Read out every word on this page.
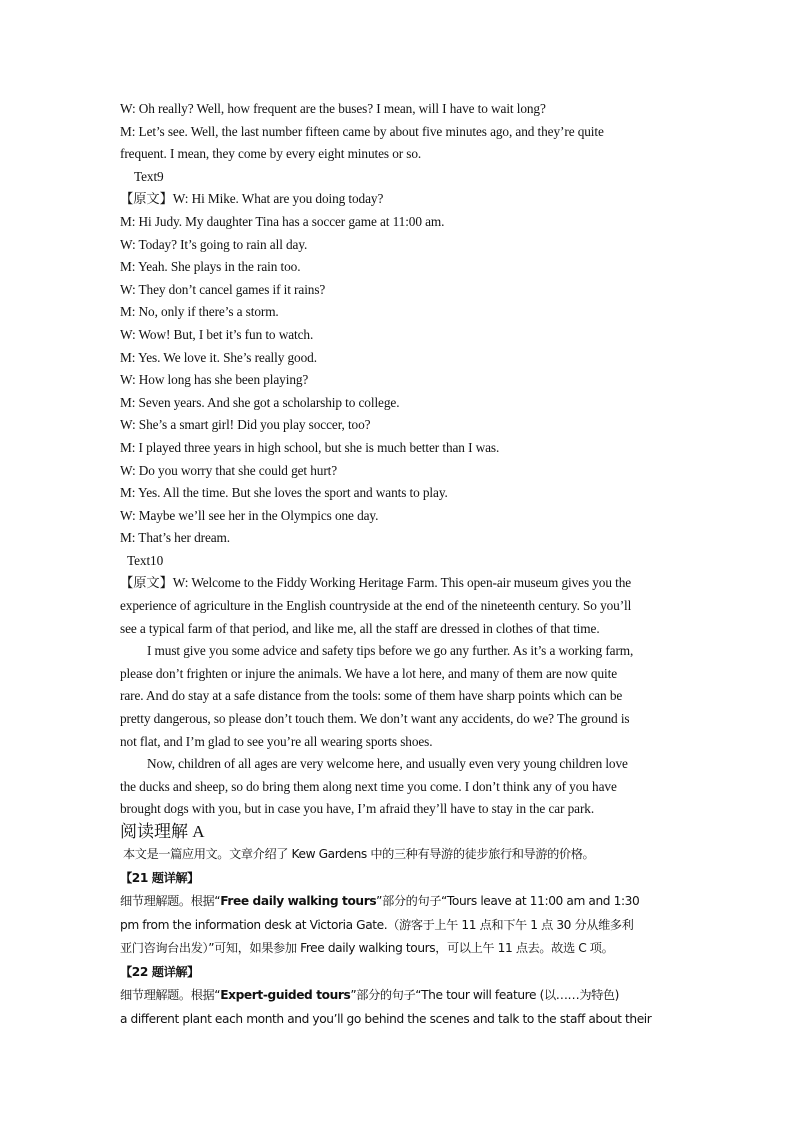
W: Oh really? Well, how frequent are the buses? I mean, will I have to wait long?

M: Let’s see. Well, the last number fifteen came by about five minutes ago, and they’re quite

frequent. I mean, they come by every eight minutes or so.

Text9

【原文】W: Hi Mike. What are you doing today?

M: Hi Judy. My daughter Tina has a soccer game at 11:00 am.

W: Today? It’s going to rain all day.

M: Yeah. She plays in the rain too.

W: They don’t cancel games if it rains?

M: No, only if there’s a storm.

W: Wow! But, I bet it’s fun to watch.

M: Yes. We love it. She’s really good.

W: How long has she been playing?

M: Seven years. And she got a scholarship to college.

W: She’s a smart girl! Did you play soccer, too?

M: I played three years in high school, but she is much better than I was.

W: Do you worry that she could get hurt?

M: Yes. All the time. But she loves the sport and wants to play.

W: Maybe we’ll see her in the Olympics one day.

M: That’s her dream.

Text10

【原文】W: Welcome to the Fiddy Working Heritage Farm. This open-air museum gives you the

experience of agriculture in the English countryside at the end of the nineteenth century. So you’ll

see a typical farm of that period, and like me, all the staff are dressed in clothes of that time.

I must give you some advice and safety tips before we go any further. As it’s a working farm,

please don’t frighten or injure the animals. We have a lot here, and many of them are now quite

rare. And do stay at a safe distance from the tools: some of them have sharp points which can be

pretty dangerous, so please don’t touch them. We don’t want any accidents, do we? The ground is

not flat, and I’m glad to see you’re all wearing sports shoes.

Now, children of all ages are very welcome here, and usually even very young children love

the ducks and sheep, so do bring them along next time you come. I don’t think any of you have

brought dogs with you, but in case you have, I’m afraid they’ll have to stay in the car park.

阅读理解 A

本文是一篇应用文。文章介绍了 Kew Gardens 中的三种有导游的徒步旅行和导游的价格。

【21 题详解】

细节理解题。根据“Free daily walking tours”部分的句子“Tours leave at 11:00 am and 1:30

pm from the information desk at Victoria Gate.（游客于上午 11 点和下午 1 点 30 分从维多利

亚门咨询台出发）”可知，如果参加 Free daily walking tours，可以上午 11 点去。故选 C 项。

【22 题详解】

细节理解题。根据“Expert-guided tours”部分的句子“The tour will feature (以……为特色)

a different plant each month and you’ll go behind the scenes and talk to the staff about their
